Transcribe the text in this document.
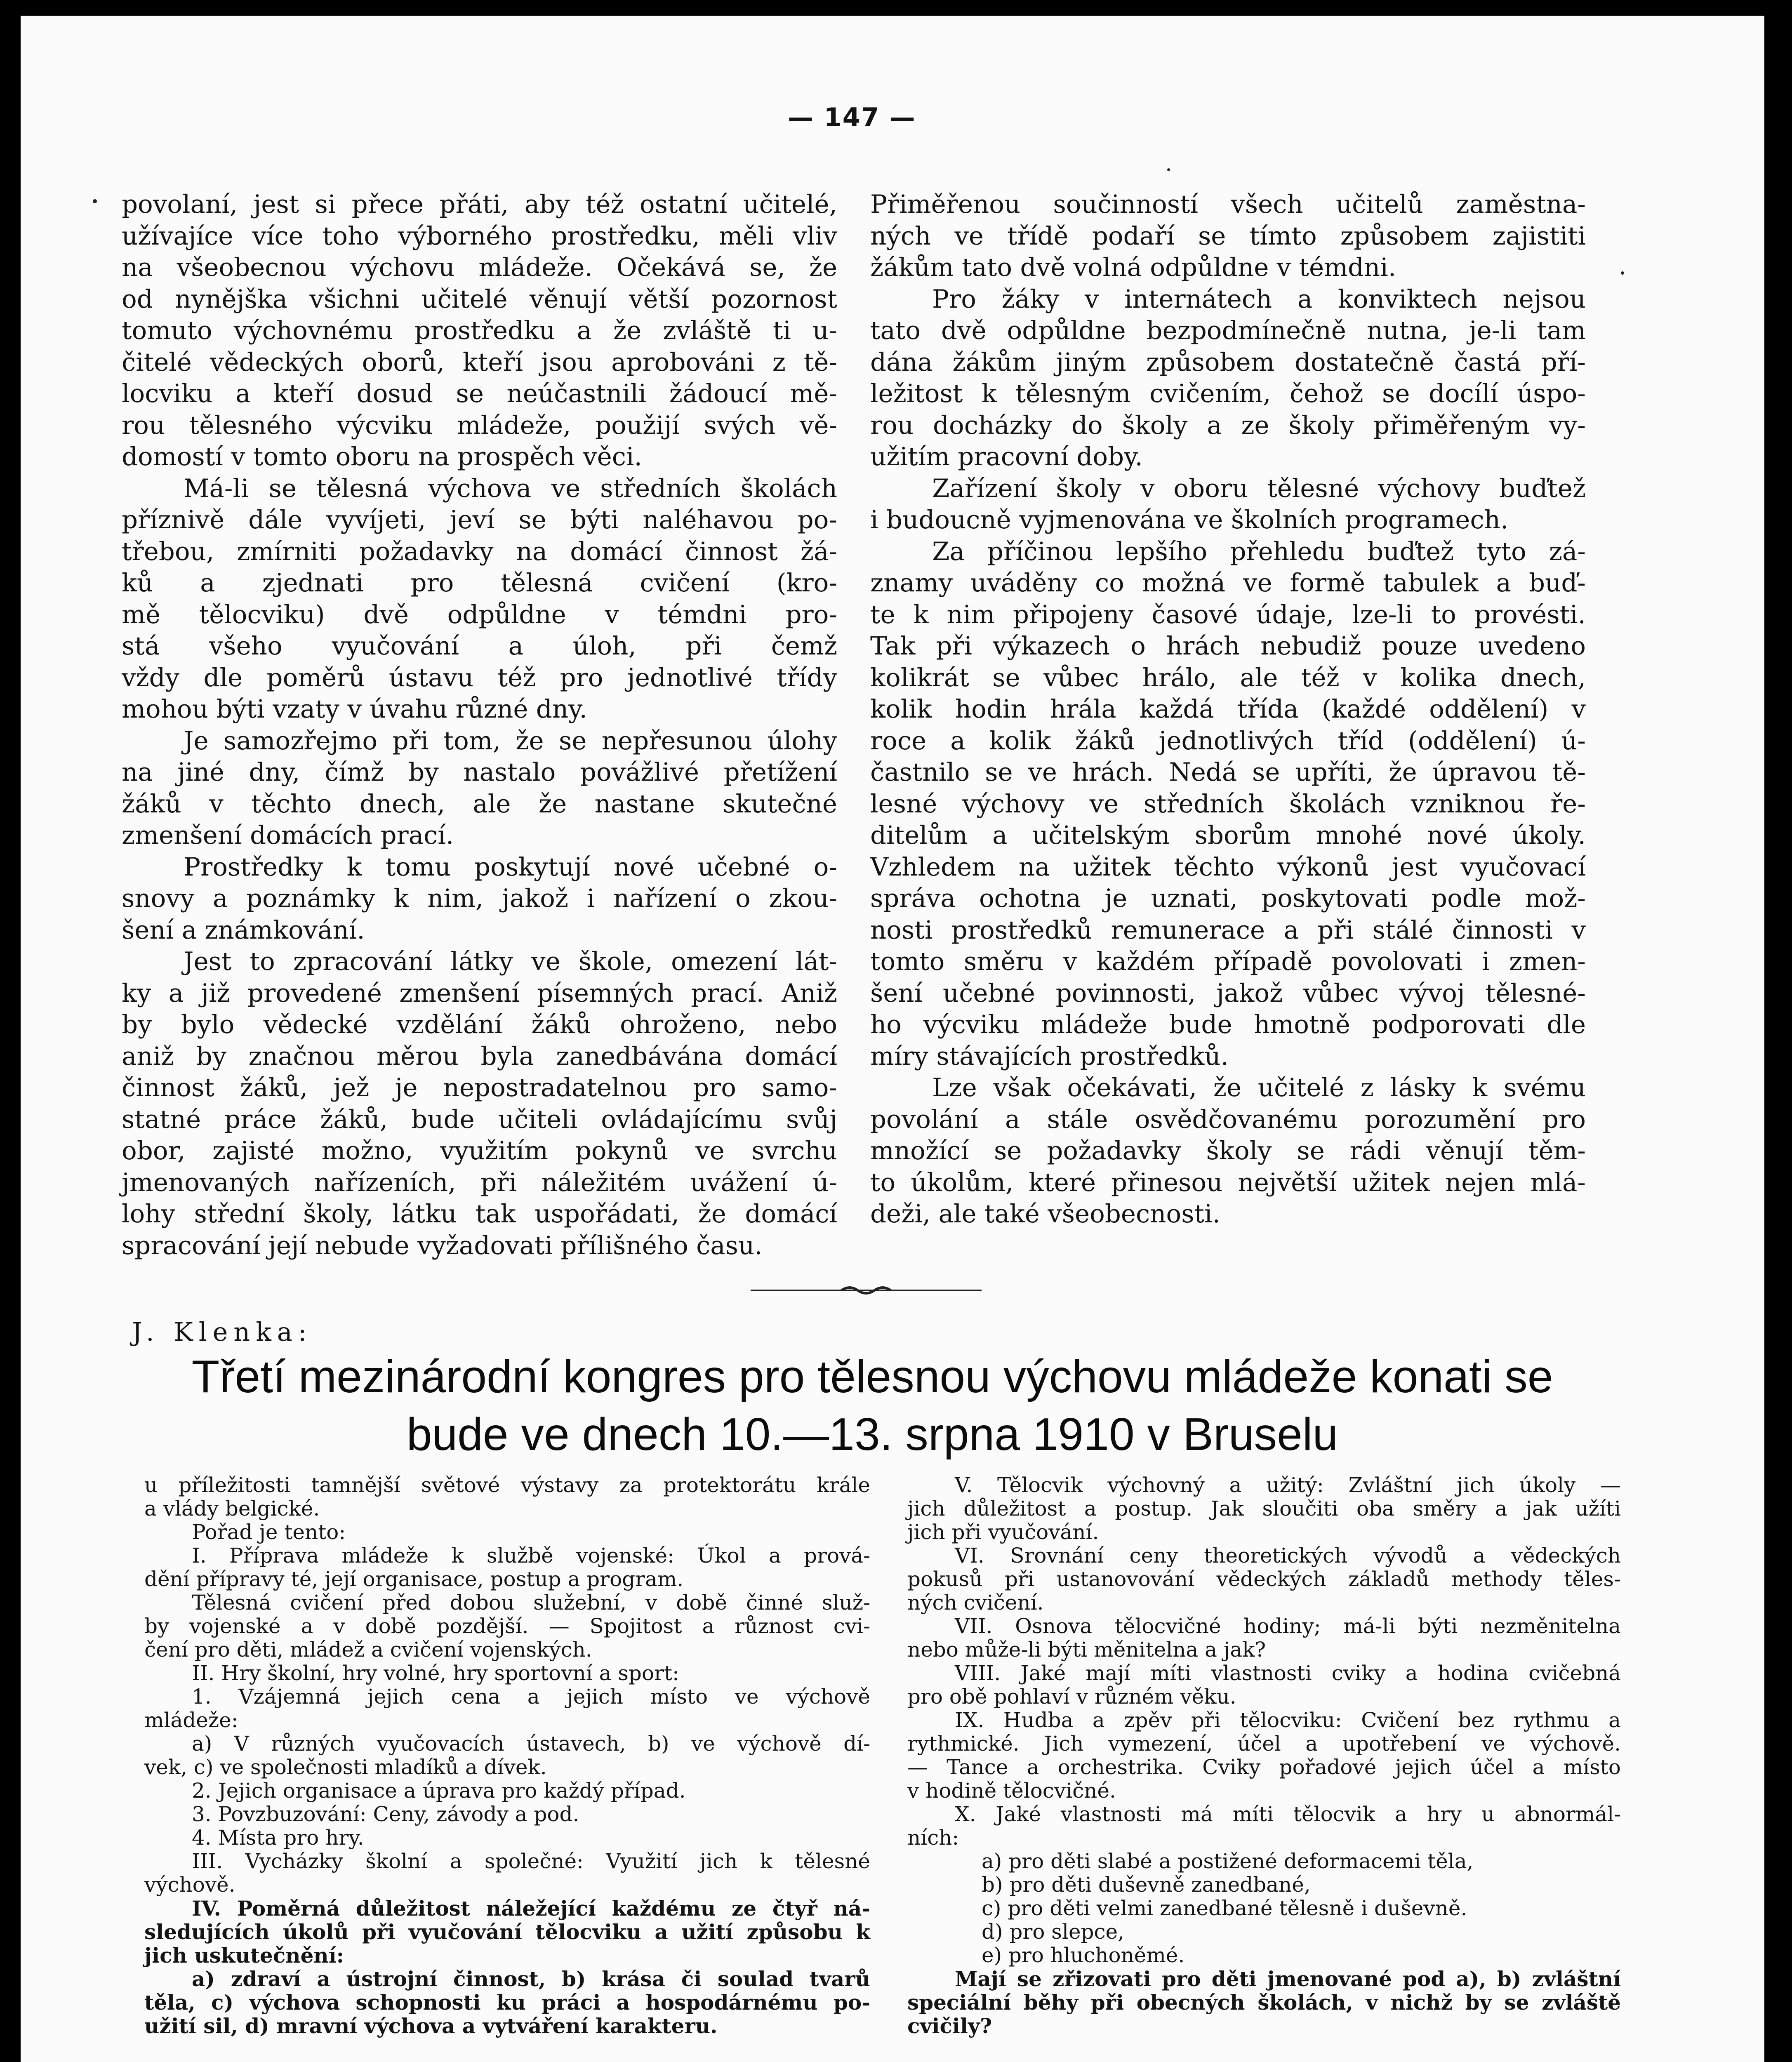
— 147 —
povolaní, jest si přece přáti, aby též ostatní učitelé,
užívajíce více toho výborného prostředku, měli vliv
na všeobecnou výchovu mládeže. Očekává se, že
od nynějška všichni učitelé věnují větší pozornost
tomuto výchovnému prostředku a že zvláště ti u-
čitelé vědeckých oborů, kteří jsou aprobováni z tě-
locviku a kteří dosud se neúčastnili žádoucí mě-
rou tělesného výcviku mládeže, použijí svých vě-
domostí v tomto oboru na prospěch věci.
Má-li se tělesná výchova ve středních školách
příznivě dále vyvíjeti, jeví se býti naléhavou po-
třebou, zmírniti požadavky na domácí činnost žá-
ků a zjednati pro tělesná cvičení (kro-
mě tělocviku) dvě odpůldne v témdni pro-
stá všeho vyučování a úloh, při čemž
vždy dle poměrů ústavu též pro jednotlivé třídy
mohou býti vzaty v úvahu různé dny.
Je samozřejmo při tom, že se nepřesunou úlohy
na jiné dny, čímž by nastalo povážlivé přetížení
žáků v těchto dnech, ale že nastane skutečné
zmenšení domácích prací.
Prostředky k tomu poskytují nové učebné o-
snovy a poznámky k nim, jakož i nařízení o zkou-
šení a známkování.
Jest to zpracování látky ve škole, omezení lát-
ky a již provedené zmenšení písemných prací. Aniž
by bylo vědecké vzdělání žáků ohroženo, nebo
aniž by značnou měrou byla zanedbávána domácí
činnost žáků, jež je nepostradatelnou pro samo-
statné práce žáků, bude učiteli ovládajícímu svůj
obor, zajisté možno, využitím pokynů ve svrchu
jmenovaných nařízeních, při náležitém uvážení ú-
lohy střední školy, látku tak uspořádati, že domácí
spracování její nebude vyžadovati přílišného času.
Přiměřenou součinností všech učitelů zaměstna-
ných ve třídě podaří se tímto způsobem zajistiti
žákům tato dvě volná odpůldne v témdni.
Pro žáky v internátech a konviktech nejsou
tato dvě odpůldne bezpodmínečně nutna, je-li tam
dána žákům jiným způsobem dostatečně častá pří-
ležitost k tělesným cvičením, čehož se docílí úspo-
rou docházky do školy a ze školy přiměřeným vy-
užitím pracovní doby.
Zařízení školy v oboru tělesné výchovy buďtež
i budoucně vyjmenována ve školních programech.
Za příčinou lepšího přehledu buďtež tyto zá-
znamy uváděny co možná ve formě tabulek a buď-
te k nim připojeny časové údaje, lze-li to provésti.
Tak při výkazech o hrách nebudiž pouze uvedeno
kolikrát se vůbec hrálo, ale též v kolika dnech,
kolik hodin hrála každá třída (každé oddělení) v
roce a kolik žáků jednotlivých tříd (oddělení) ú-
častnilo se ve hrách. Nedá se upříti, že úpravou tě-
lesné výchovy ve středních školách vzniknou ře-
ditelům a učitelským sborům mnohé nové úkoly.
Vzhledem na užitek těchto výkonů jest vyučovací
správa ochotna je uznati, poskytovati podle mož-
nosti prostředků remunerace a při stálé činnosti v
tomto směru v každém případě povolovati i zmen-
šení učebné povinnosti, jakož vůbec vývoj tělesné-
ho výcviku mládeže bude hmotně podporovati dle
míry stávajících prostředků.
Lze však očekávati, že učitelé z lásky k svému
povolání a stále osvědčovanému porozumění pro
množící se požadavky školy se rádi věnují těm-
to úkolům, které přinesou největší užitek nejen mlá-
deži, ale také všeobecnosti.
J. Klenka:
Třetí mezinárodní kongres pro tělesnou výchovu mládeže konati se
bude ve dnech 10.—13. srpna 1910 v Bruselu
u příležitosti tamnější světové výstavy za protektorátu krále
a vlády belgické.
Pořad je tento:
I. Příprava mládeže k službě vojenské: Úkol a prová-
dění přípravy té, její organisace, postup a program.
Tělesná cvičení před dobou služební, v době činné služ-
by vojenské a v době pozdější. — Spojitost a různost cvi-
čení pro děti, mládež a cvičení vojenských.
II. Hry školní, hry volné, hry sportovní a sport:
1. Vzájemná jejich cena a jejich místo ve výchově
mládeže:
a) V různých vyučovacích ústavech, b) ve výchově dí-
vek, c) ve společnosti mladíků a dívek.
2. Jejich organisace a úprava pro každý případ.
3. Povzbuzování: Ceny, závody a pod.
4. Místa pro hry.
III. Vycházky školní a společné: Využití jich k tělesné
výchově.
IV. Poměrná důležitost náležející každému ze čtyř ná-
sledujících úkolů při vyučování tělocviku a užití způsobu k
jich uskutečnění:
a) zdraví a ústrojní činnost, b) krása či soulad tvarů
těla, c) výchova schopnosti ku práci a hospodárnému po-
užití sil, d) mravní výchova a vytváření karakteru.
V. Tělocvik výchovný a užitý: Zvláštní jich úkoly —
jich důležitost a postup. Jak sloučiti oba směry a jak užíti
jich při vyučování.
VI. Srovnání ceny theoretických vývodů a vědeckých
pokusů při ustanovování vědeckých základů methody těles-
ných cvičení.
VII. Osnova tělocvičné hodiny; má-li býti nezměnitelna
nebo může-li býti měnitelna a jak?
VIII. Jaké mají míti vlastnosti cviky a hodina cvičebná
pro obě pohlaví v různém věku.
IX. Hudba a zpěv při tělocviku: Cvičení bez rythmu a
rythmické. Jich vymezení, účel a upotřebení ve výchově.
— Tance a orchestrika. Cviky pořadové jejich účel a místo
v hodině tělocvičné.
X. Jaké vlastnosti má míti tělocvik a hry u abnormál-
ních:
a) pro děti slabé a postižené deformacemi těla,
b) pro děti duševně zanedbané,
c) pro děti velmi zanedbané tělesně i duševně.
d) pro slepce,
e) pro hluchoněmé.
Mají se zřizovati pro děti jmenované pod a), b) zvláštní
speciální běhy při obecných školách, v nichž by se zvláště
cvičily?
